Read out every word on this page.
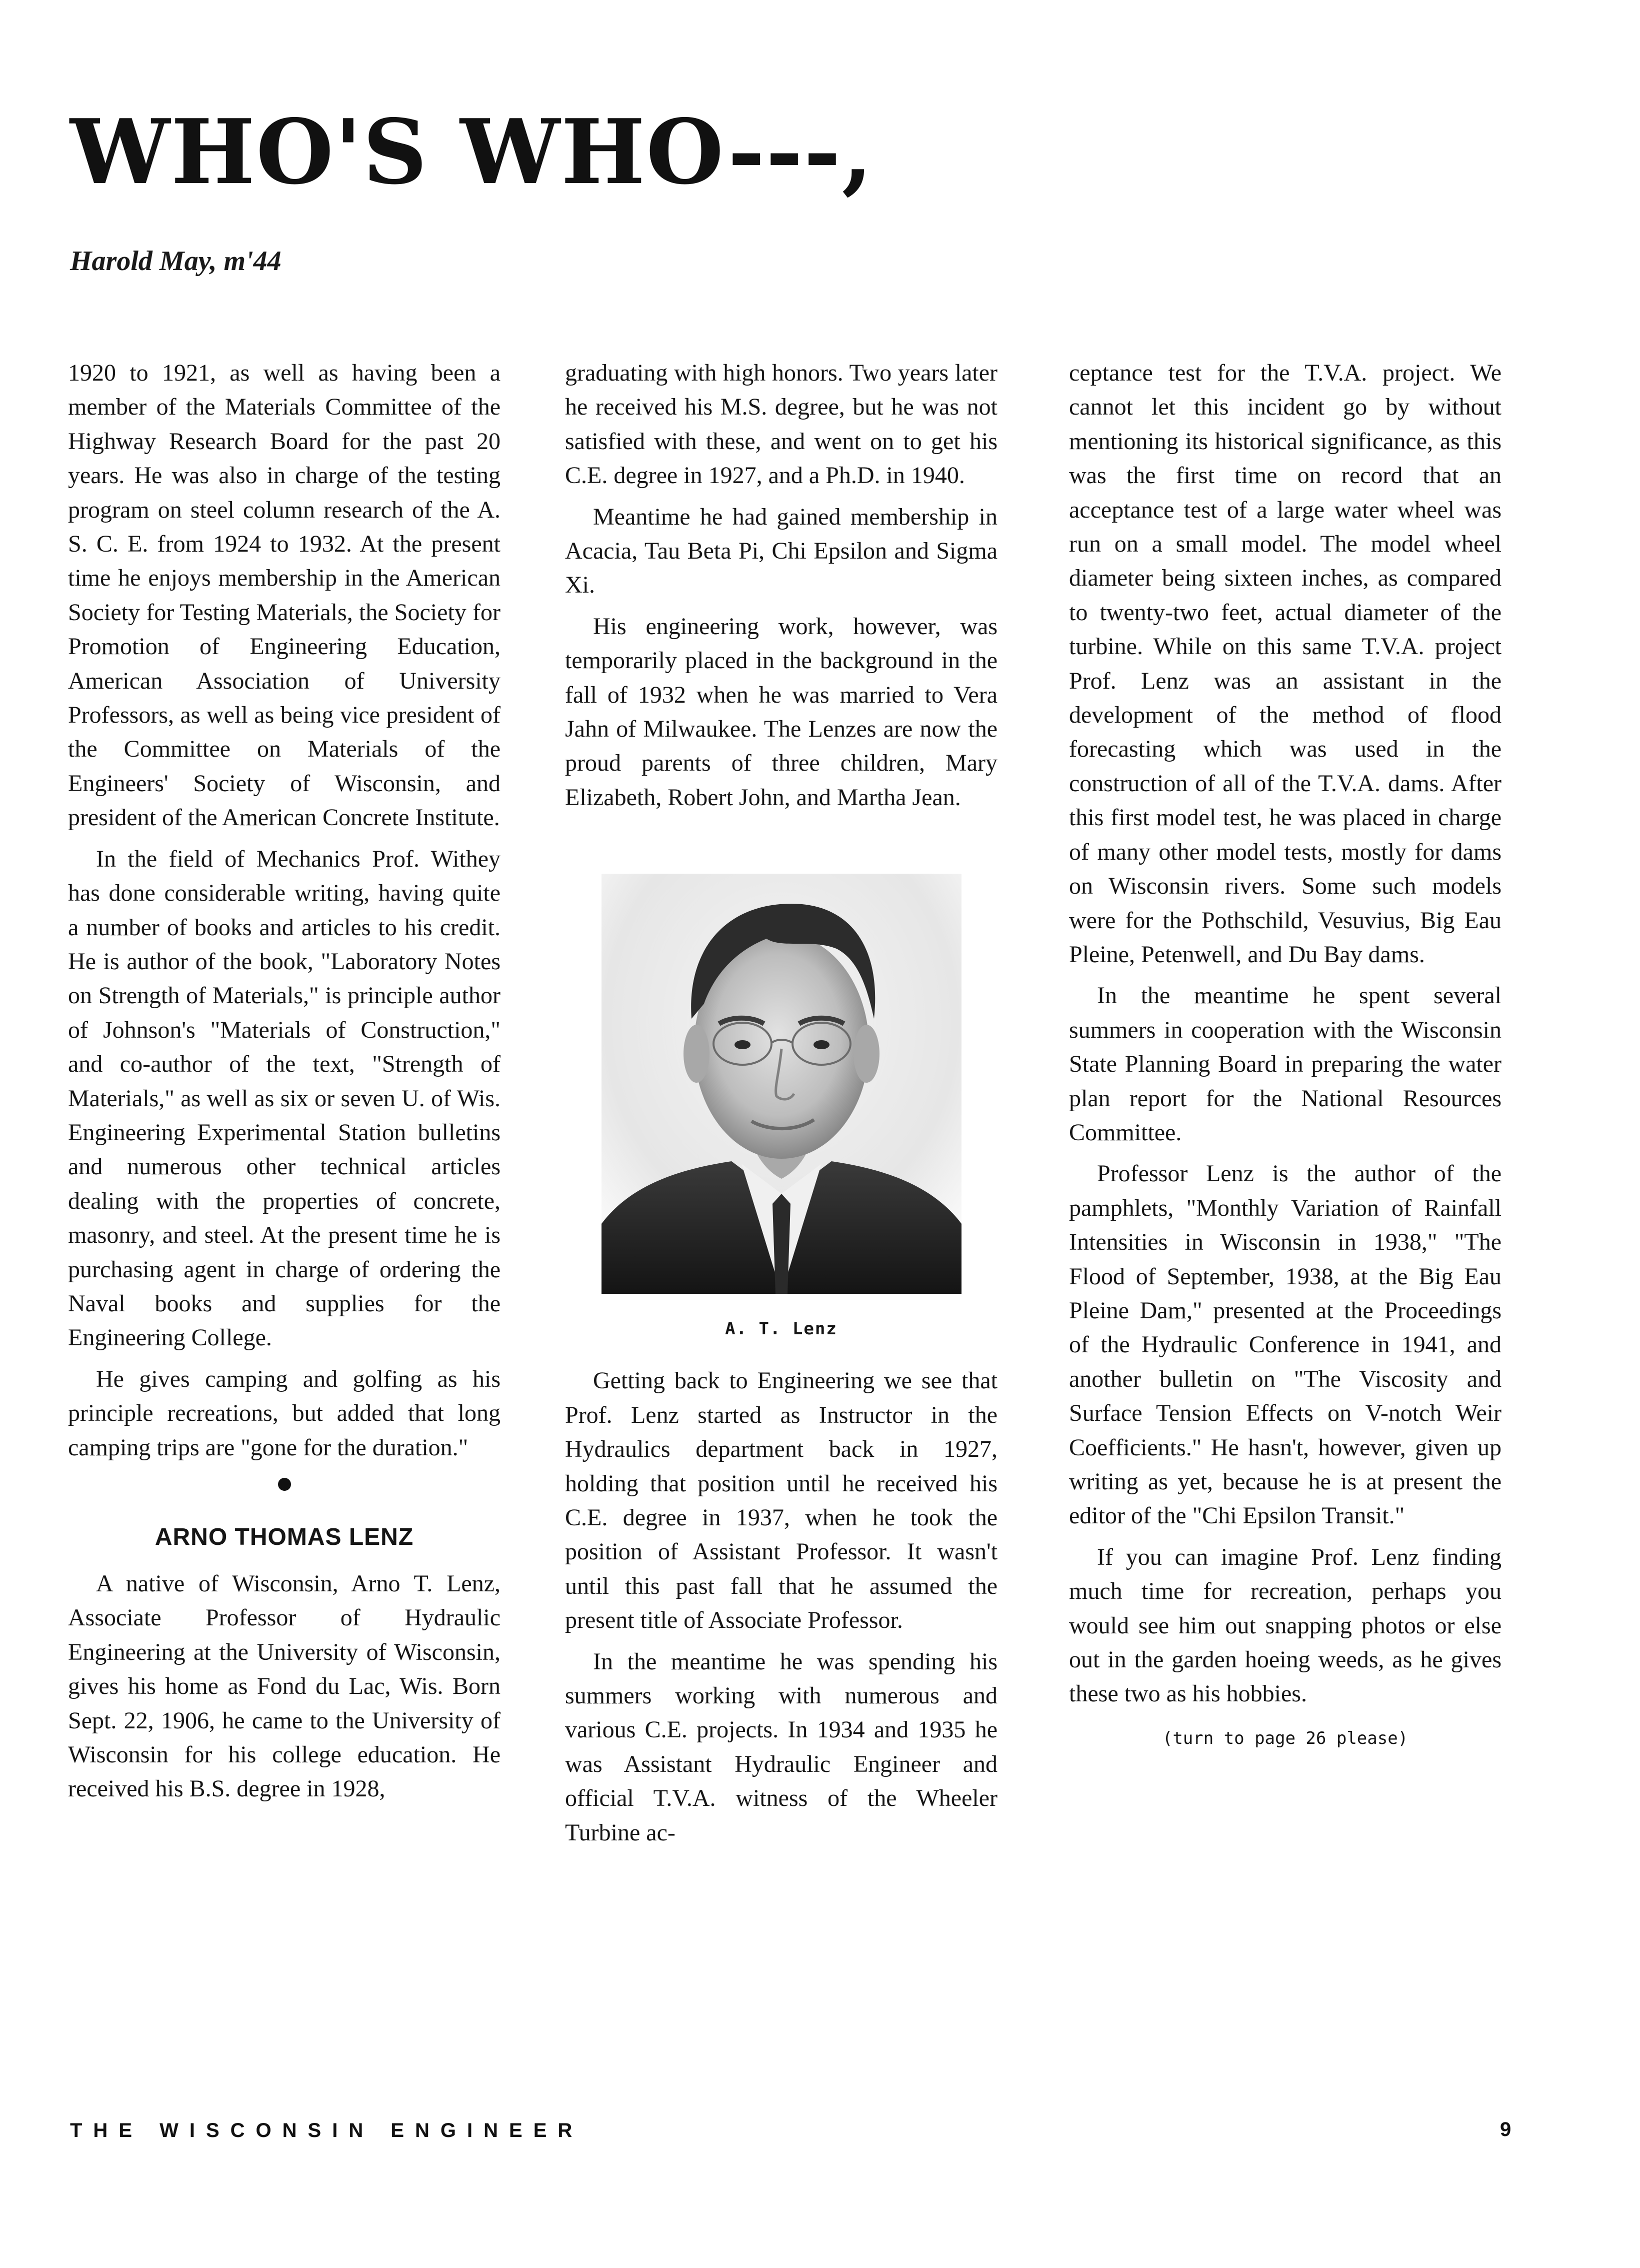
WHO'S WHO---,

Harold May, m'44

1920 to 1921, as well as having been a member of the Materials Committee of the Highway Research Board for the past 20 years. He was also in charge of the testing program on steel column research of the A. S. C. E. from 1924 to 1932. At the present time he enjoys membership in the American Society for Testing Materials, the Society for Promotion of Engineering Education, American Association of University Professors, as well as being vice president of the Committee on Materials of the Engineers' Society of Wisconsin, and president of the American Concrete Institute.

In the field of Mechanics Prof. Withey has done considerable writing, having quite a number of books and articles to his credit. He is author of the book, "Laboratory Notes on Strength of Materials," is principle author of Johnson's "Materials of Construction," and co-author of the text, "Strength of Materials," as well as six or seven U. of Wis. Engineering Experimental Station bulletins and numerous other technical articles dealing with the properties of concrete, masonry, and steel. At the present time he is purchasing agent in charge of ordering the Naval books and supplies for the Engineering College.

He gives camping and golfing as his principle recreations, but added that long camping trips are "gone for the duration."

ARNO THOMAS LENZ

A native of Wisconsin, Arno T. Lenz, Associate Professor of Hydraulic Engineering at the University of Wisconsin, gives his home as Fond du Lac, Wis. Born Sept. 22, 1906, he came to the University of Wisconsin for his college education. He received his B.S. degree in 1928,

graduating with high honors. Two years later he received his M.S. degree, but he was not satisfied with these, and went on to get his C.E. degree in 1927, and a Ph.D. in 1940.

Meantime he had gained membership in Acacia, Tau Beta Pi, Chi Epsilon and Sigma Xi.

His engineering work, however, was temporarily placed in the background in the fall of 1932 when he was married to Vera Jahn of Milwaukee. The Lenzes are now the proud parents of three children, Mary Elizabeth, Robert John, and Martha Jean.

A. T. Lenz

Getting back to Engineering we see that Prof. Lenz started as Instructor in the Hydraulics department back in 1927, holding that position until he received his C.E. degree in 1937, when he took the position of Assistant Professor. It wasn't until this past fall that he assumed the present title of Associate Professor.

In the meantime he was spending his summers working with numerous and various C.E. projects. In 1934 and 1935 he was Assistant Hydraulic Engineer and official T.V.A. witness of the Wheeler Turbine ac-

ceptance test for the T.V.A. project. We cannot let this incident go by without mentioning its historical significance, as this was the first time on record that an acceptance test of a large water wheel was run on a small model. The model wheel diameter being sixteen inches, as compared to twenty-two feet, actual diameter of the turbine. While on this same T.V.A. project Prof. Lenz was an assistant in the development of the method of flood forecasting which was used in the construction of all of the T.V.A. dams. After this first model test, he was placed in charge of many other model tests, mostly for dams on Wisconsin rivers. Some such models were for the Pothschild, Vesuvius, Big Eau Pleine, Petenwell, and Du Bay dams.

In the meantime he spent several summers in cooperation with the Wisconsin State Planning Board in preparing the water plan report for the National Resources Committee.

Professor Lenz is the author of the pamphlets, "Monthly Variation of Rainfall Intensities in Wisconsin in 1938," "The Flood of September, 1938, at the Big Eau Pleine Dam," presented at the Proceedings of the Hydraulic Conference in 1941, and another bulletin on "The Viscosity and Surface Tension Effects on V-notch Weir Coefficients." He hasn't, however, given up writing as yet, because he is at present the editor of the "Chi Epsilon Transit."

If you can imagine Prof. Lenz finding much time for recreation, perhaps you would see him out snapping photos or else out in the garden hoeing weeds, as he gives these two as his hobbies.

(turn to page 26 please)

THE WISCONSIN ENGINEER	9
